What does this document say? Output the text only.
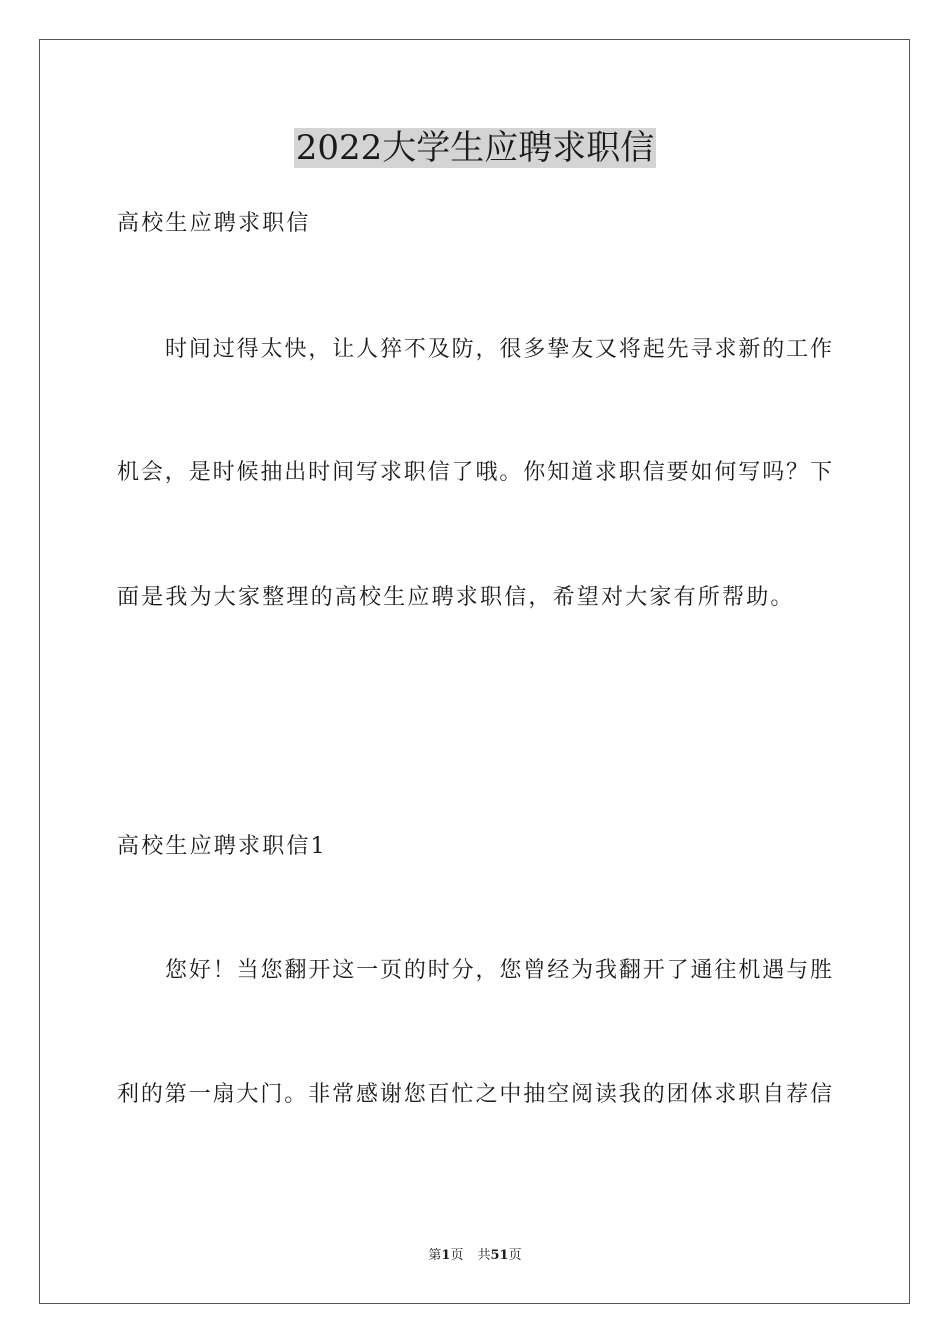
2022大学生应聘求职信

高校生应聘求职信

时间过得太快，让人猝不及防，很多挚友又将起先寻求新的工作

机会，是时候抽出时间写求职信了哦。你知道求职信要如何写吗？下

面是我为大家整理的高校生应聘求职信，希望对大家有所帮助。

高校生应聘求职信1

您好！当您翻开这一页的时分，您曾经为我翻开了通往机遇与胜

利的第一扇大门。非常感谢您百忙之中抽空阅读我的团体求职自荐信

第1页 共51页
